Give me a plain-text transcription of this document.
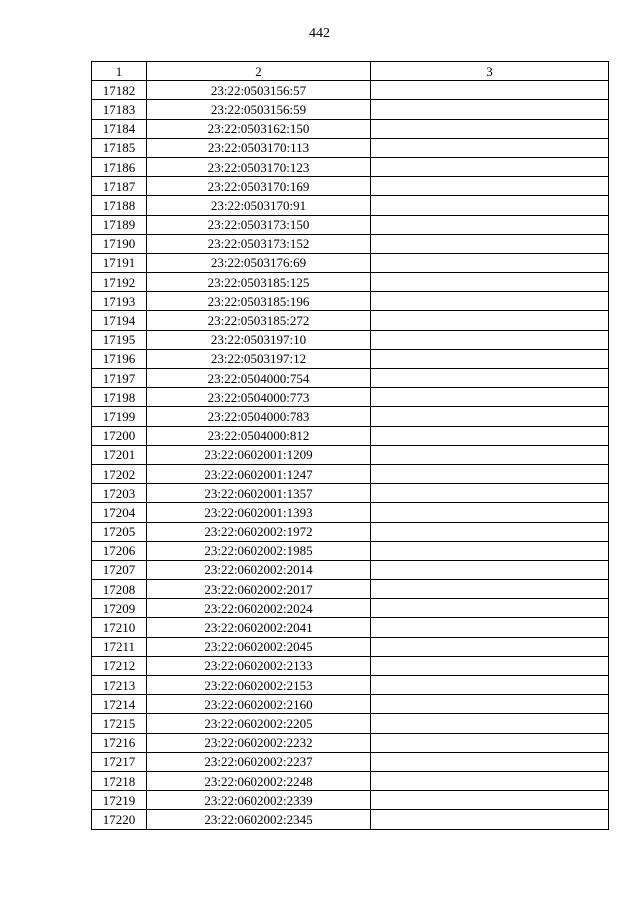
442
1	2	3
17182	23:22:0503156:57	
17183	23:22:0503156:59	
17184	23:22:0503162:150	
17185	23:22:0503170:113	
17186	23:22:0503170:123	
17187	23:22:0503170:169	
17188	23:22:0503170:91	
17189	23:22:0503173:150	
17190	23:22:0503173:152	
17191	23:22:0503176:69	
17192	23:22:0503185:125	
17193	23:22:0503185:196	
17194	23:22:0503185:272	
17195	23:22:0503197:10	
17196	23:22:0503197:12	
17197	23:22:0504000:754	
17198	23:22:0504000:773	
17199	23:22:0504000:783	
17200	23:22:0504000:812	
17201	23:22:0602001:1209	
17202	23:22:0602001:1247	
17203	23:22:0602001:1357	
17204	23:22:0602001:1393	
17205	23:22:0602002:1972	
17206	23:22:0602002:1985	
17207	23:22:0602002:2014	
17208	23:22:0602002:2017	
17209	23:22:0602002:2024	
17210	23:22:0602002:2041	
17211	23:22:0602002:2045	
17212	23:22:0602002:2133	
17213	23:22:0602002:2153	
17214	23:22:0602002:2160	
17215	23:22:0602002:2205	
17216	23:22:0602002:2232	
17217	23:22:0602002:2237	
17218	23:22:0602002:2248	
17219	23:22:0602002:2339	
17220	23:22:0602002:2345	
